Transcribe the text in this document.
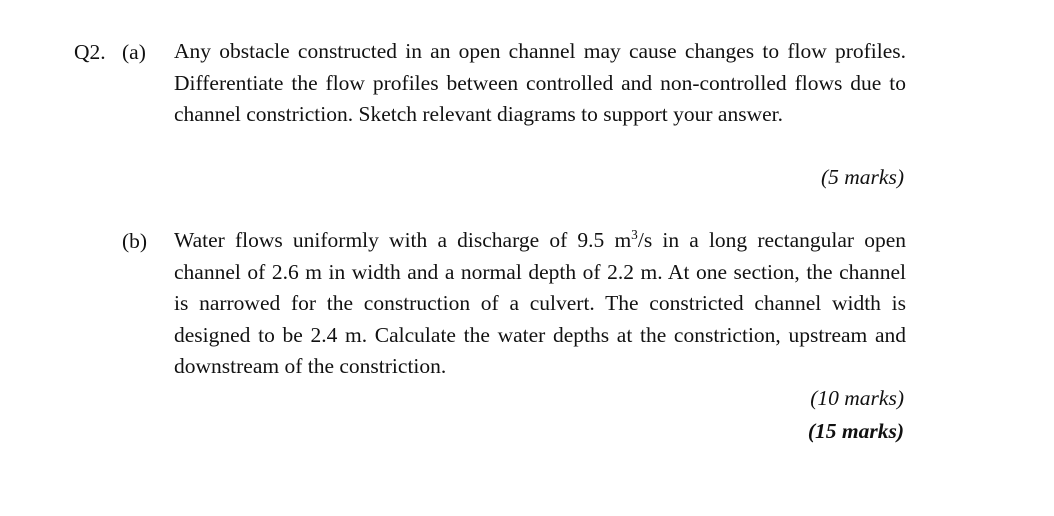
Q2. (a) Any obstacle constructed in an open channel may cause changes to flow profiles. Differentiate the flow profiles between controlled and non-controlled flows due to channel constriction. Sketch relevant diagrams to support your answer.
(5 marks)
(b) Water flows uniformly with a discharge of 9.5 $m^3/s$ in a long rectangular open channel of 2.6 m in width and a normal depth of 2.2 m. At one section, the channel is narrowed for the construction of a culvert. The constricted channel width is designed to be 2.4 m. Calculate the water depths at the constriction, upstream and downstream of the constriction.
(10 marks)
(15 marks)
